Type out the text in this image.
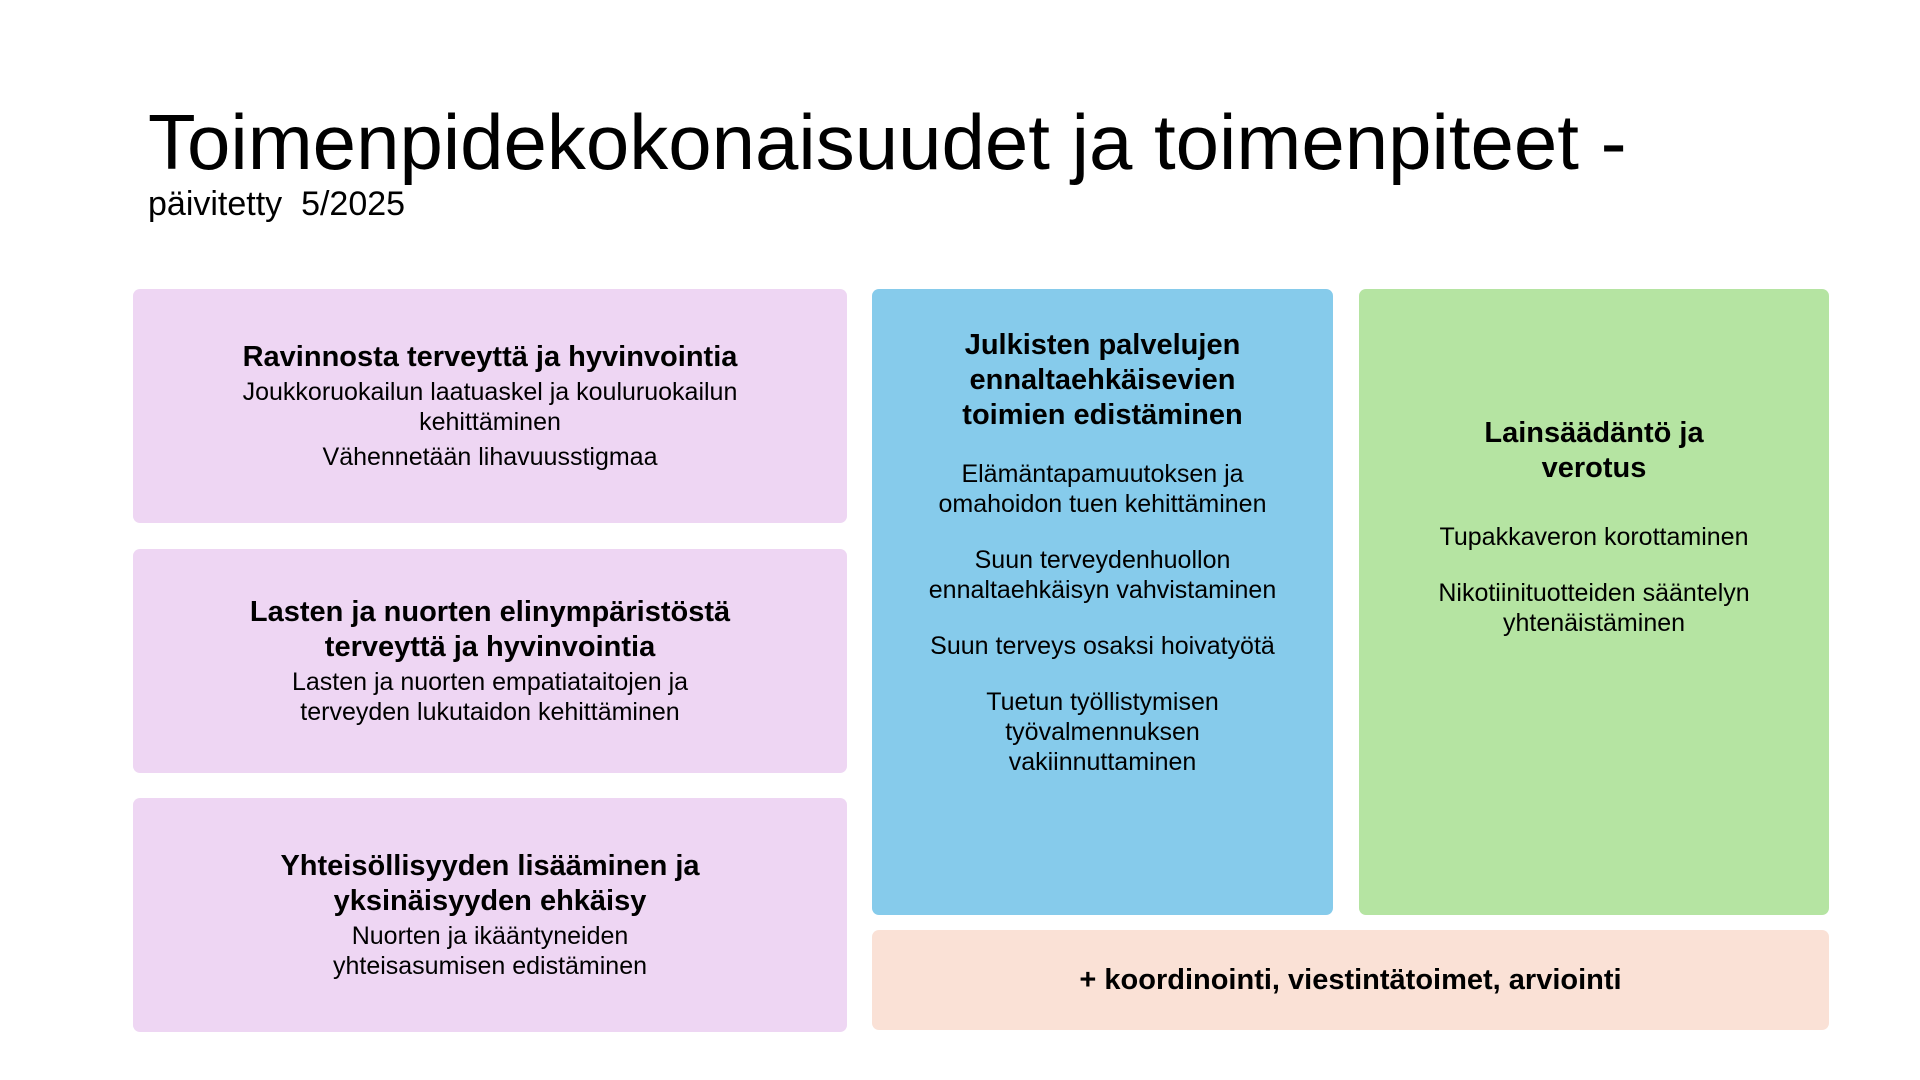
Toimenpidekokonaisuudet ja toimenpiteet -
päivitetty  5/2025
Ravinnosta terveyttä ja hyvinvointia
Joukkoruokailun laatuaskel ja kouluruokailun kehittäminen
Vähennetään lihavuusstigmaa
Lasten ja nuorten elinympäristöstä terveyttä ja hyvinvointia
Lasten ja nuorten empatiataitojen ja terveyden lukutaidon kehittäminen
Yhteisöllisyyden lisääminen ja yksinäisyyden ehkäisy
Nuorten ja ikääntyneiden yhteisasumisen edistäminen
Julkisten palvelujen ennaltaehkäisevien toimien edistäminen
Elämäntapamuutoksen ja omahoidon tuen kehittäminen
Suun terveydenhuollon ennaltaehkäisyn vahvistaminen
Suun terveys osaksi hoivatyötä
Tuetun työllistymisen työvalmennuksen vakiinnuttaminen
Lainsäädäntö ja verotus
Tupakkaveron korottaminen
Nikotiinituotteiden sääntelyn yhtenäistäminen
+ koordinointi, viestintätoimet, arviointi
